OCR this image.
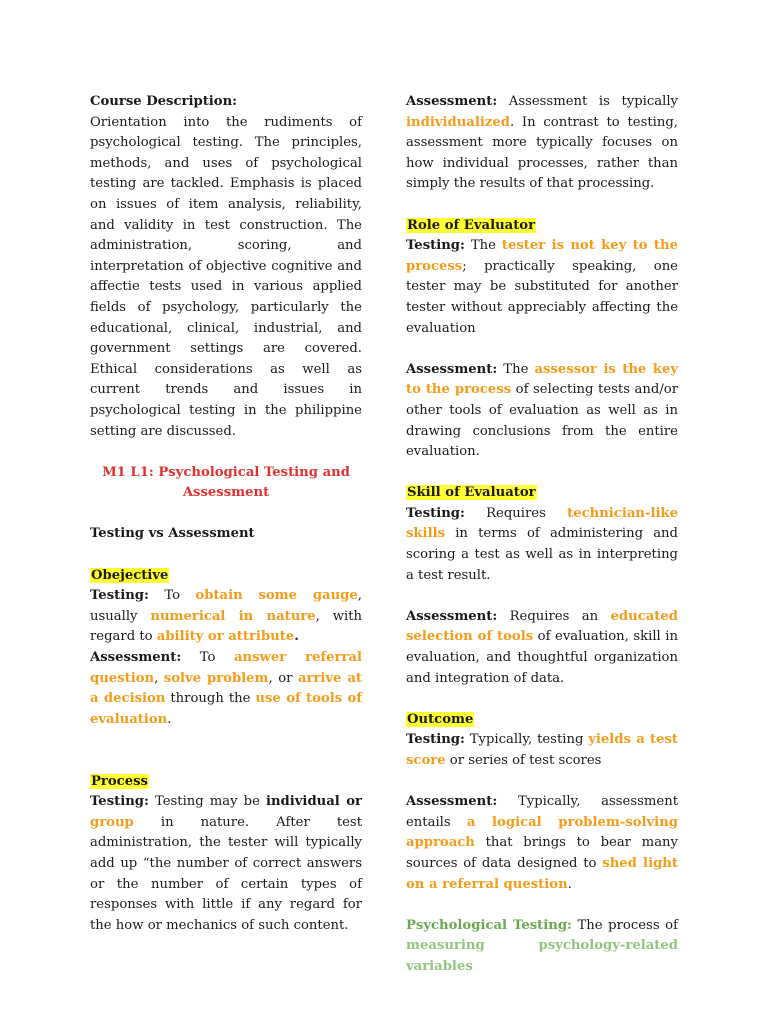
Course Description:

Orientation into the rudiments of psychological testing. The principles, methods, and uses of psychological testing are tackled. Emphasis is placed on issues of item analysis, reliability, and validity in test construction. The administration, scoring, and interpretation of objective cognitive and affectie tests used in various applied fields of psychology, particularly the educational, clinical, industrial, and government settings are covered. Ethical considerations as well as current trends and issues in psychological testing in the philippine setting are discussed.

M1 L1: Psychological Testing and Assessment

Testing vs Assessment

Obejective

Testing: To obtain some gauge, usually numerical in nature, with regard to ability or attribute.

Assessment: To answer referral question, solve problem, or arrive at a decision through the use of tools of evaluation.

Process

Testing: Testing may be individual or group in nature. After test administration, the tester will typically add up “the number of correct answers or the number of certain types of responses with little if any regard for the how or mechanics of such content.

Assessment: Assessment is typically individualized. In contrast to testing, assessment more typically focuses on how individual processes, rather than simply the results of that processing.

Role of Evaluator

Testing: The tester is not key to the process; practically speaking, one tester may be substituted for another tester without appreciably affecting the evaluation

Assessment: The assessor is the key to the process of selecting tests and/or other tools of evaluation as well as in drawing conclusions from the entire evaluation.

Skill of Evaluator

Testing: Requires technician-like skills in terms of administering and scoring a test as well as in interpreting a test result.

Assessment: Requires an educated selection of tools of evaluation, skill in evaluation, and thoughtful organization and integration of data.

Outcome

Testing: Typically, testing yields a test score or series of test scores

Assessment: Typically, assessment entails a logical problem-solving approach that brings to bear many sources of data designed to shed light on a referral question.

Psychological Testing: The process of measuring psychology-related variables
